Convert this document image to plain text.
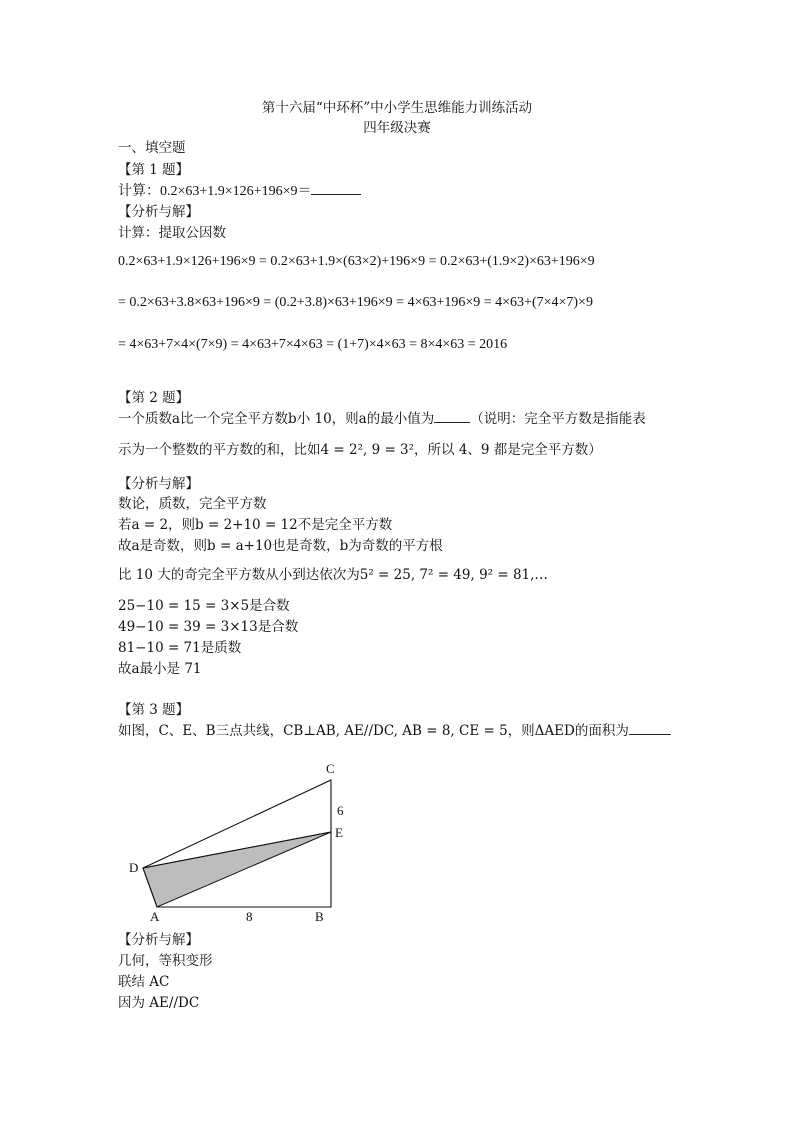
第十六届“中环杯”中小学生思维能力训练活动
四年级决赛
一、填空题
【第 1 题】
计算：0.2×63+1.9×126+196×9＝
【分析与解】
计算：提取公因数
0.2×63+1.9×126+196×9 = 0.2×63+1.9×(63×2)+196×9 = 0.2×63+(1.9×2)×63+196×9
= 0.2×63+3.8×63+196×9 = (0.2+3.8)×63+196×9 = 4×63+196×9 = 4×63+(7×4×7)×9
= 4×63+7×4×(7×9) = 4×63+7×4×63 = (1+7)×4×63 = 8×4×63 = 2016
【第 2 题】
一个质数a比一个完全平方数b小 10，则a的最小值为	（说明：完全平方数是指能表
示为一个整数的平方数的和，比如4 = 2², 9 = 3²，所以 4、9 都是完全平方数）
【分析与解】
数论，质数，完全平方数
若a = 2，则b = 2+10 = 12不是完全平方数
故a是奇数，则b = a+10也是奇数，b为奇数的平方根
比 10 大的奇完全平方数从小到达依次为5² = 25, 7² = 49, 9² = 81,…
25−10 = 15 = 3×5是合数
49−10 = 39 = 3×13是合数
81−10 = 71是质数
故a最小是 71
【第 3 题】
如图，C、E、B三点共线，CB⊥AB, AE//DC, AB = 8, CE = 5，则ΔAED的面积为
C
6
E
D
A	8	B
【分析与解】
几何，等积变形
联结 AC
因为 AE//DC
